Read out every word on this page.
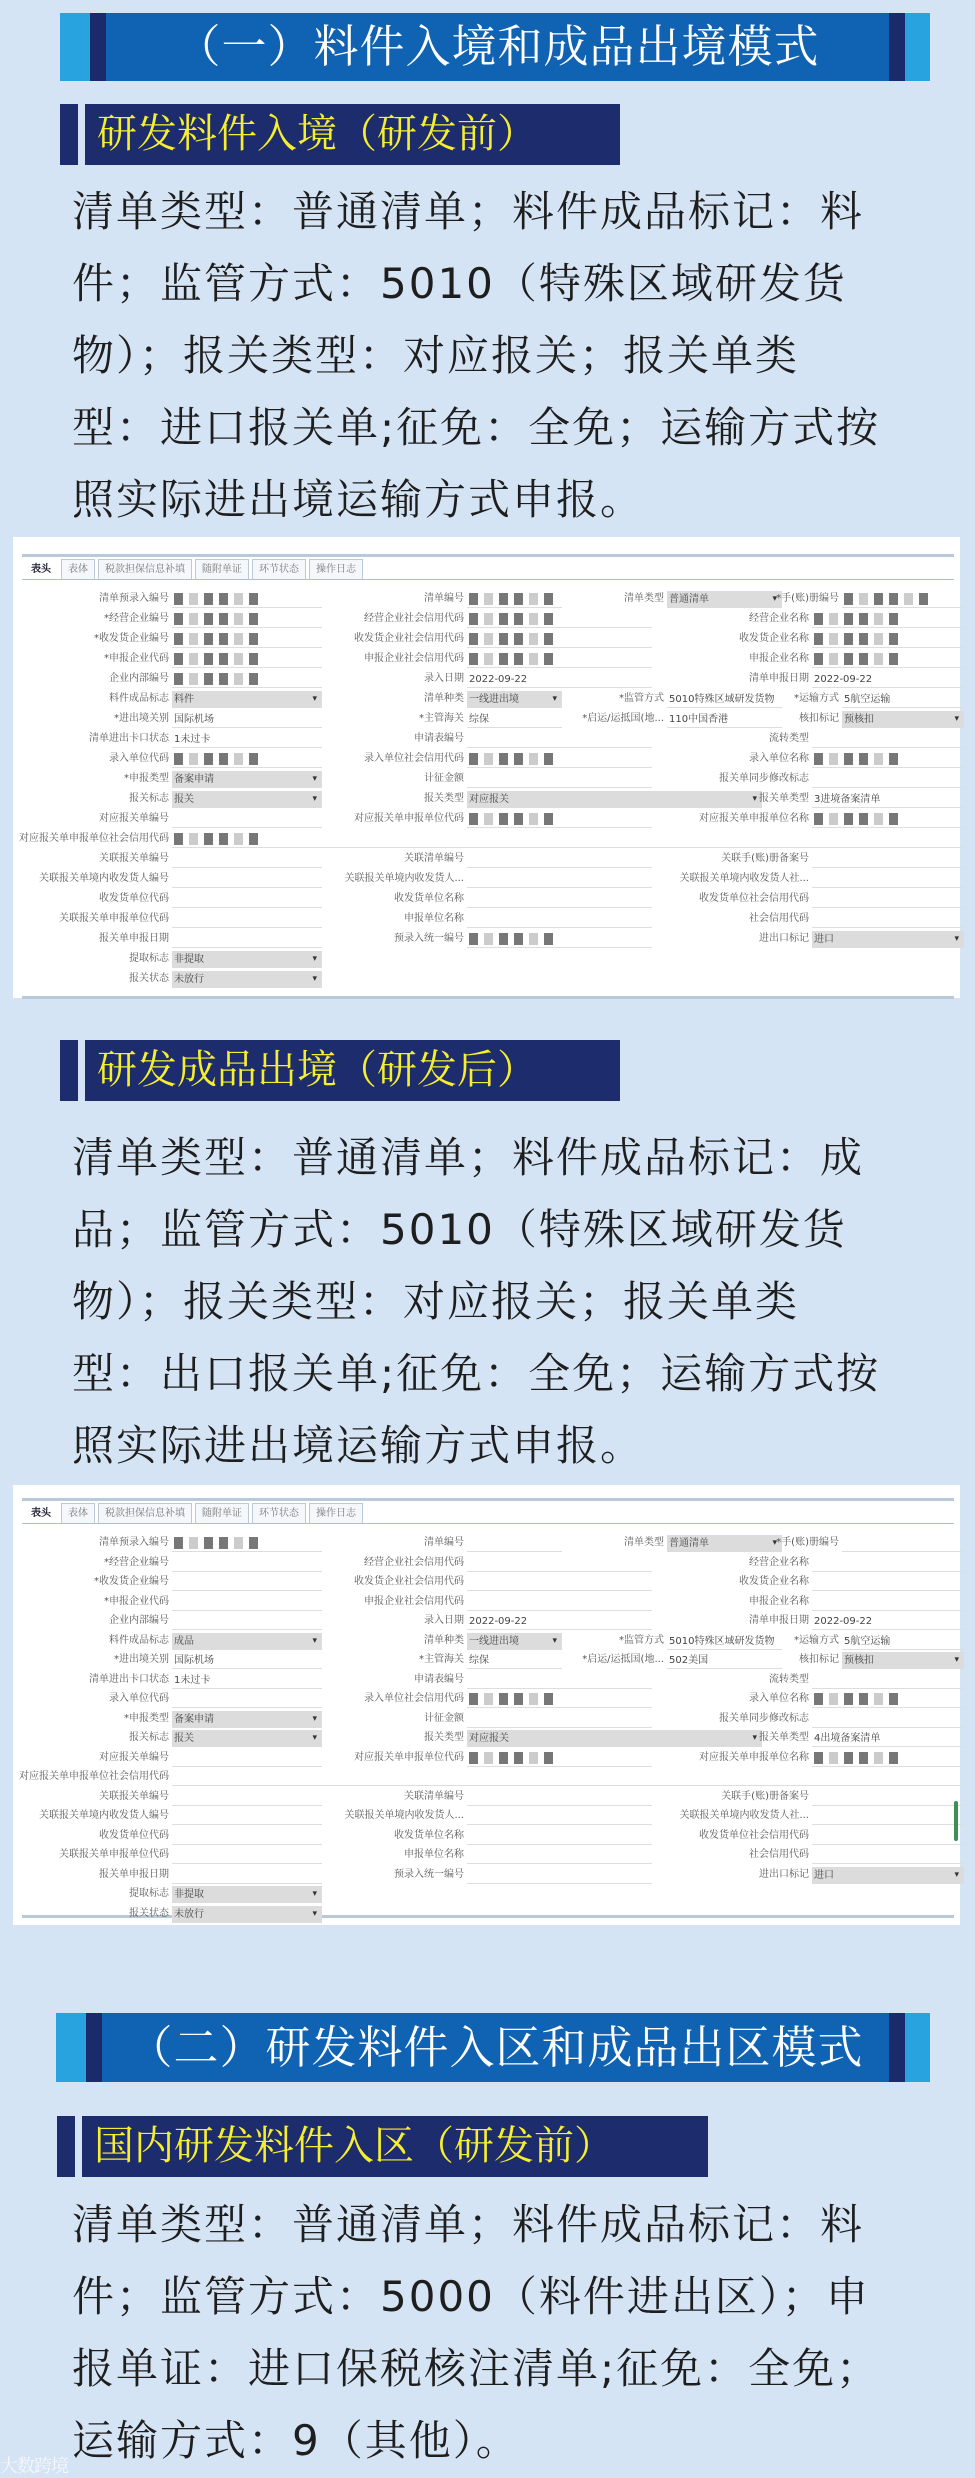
（一）料件入境和成品出境模式
研发料件入境（研发前）
清单类型：普通清单；料件成品标记：料
件；监管方式：5010（特殊区域研发货
物）；报关类型：对应报关；报关单类
型：进口报关单;征免：全免；运输方式按
照实际进出境运输方式申报。
表头	表体	税款担保信息补填	随附单证	环节状态	操作日志
清单预录入编号	清单编号	清单类型 普通清单 ▾	*手(账)册编号
*经营企业编号	经营企业社会信用代码	经营企业名称
*收发货企业编号	收发货企业社会信用代码	收发货企业名称
*申报企业代码	申报企业社会信用代码	申报企业名称
企业内部编号	录入日期 2022-09-22	清单申报日期 2022-09-22
料件成品标志 料件 ▾	清单种类 一线进出境 ▾	*监管方式 5010特殊区域研发货物	*运输方式 5航空运输
*进出境关别 国际机场	*主管海关 综保	*启运/运抵国(地... 110中国香港	核扣标记 预核扣 ▾
清单进出卡口状态 1未过卡	申请表编号	流转类型
录入单位代码	录入单位社会信用代码	录入单位名称
*申报类型 备案申请 ▾	计征金额	报关单同步修改标志
报关标志 报关 ▾	报关类型 对应报关 ▾	报关单类型 3进境备案清单
对应报关单编号	对应报关单申报单位代码	对应报关单申报单位名称
对应报关单申报单位社会信用代码
关联报关单编号	关联清单编号	关联手(账)册备案号
关联报关单境内收发货人编号	关联报关单境内收发货人...	关联报关单境内收发货人社...
收发货单位代码	收发货单位名称	收发货单位社会信用代码
关联报关单申报单位代码	申报单位名称	社会信用代码
报关单申报日期	预录入统一编号	进出口标记 进口 ▾
提取标志 非提取 ▾
报关状态 未放行 ▾
研发成品出境（研发后）
清单类型：普通清单；料件成品标记：成
品；监管方式：5010（特殊区域研发货
物）；报关类型：对应报关；报关单类
型：出口报关单;征免：全免；运输方式按
照实际进出境运输方式申报。
表头	表体	税款担保信息补填	随附单证	环节状态	操作日志
清单预录入编号	清单编号	清单类型 普通清单 ▾	*手(账)册编号
*经营企业编号	经营企业社会信用代码	经营企业名称
*收发货企业编号	收发货企业社会信用代码	收发货企业名称
*申报企业代码	申报企业社会信用代码	申报企业名称
企业内部编号	录入日期 2022-09-22	清单申报日期 2022-09-22
料件成品标志 成品 ▾	清单种类 一线进出境 ▾	*监管方式 5010特殊区域研发货物	*运输方式 5航空运输
*进出境关别 国际机场	*主管海关 综保	*启运/运抵国(地... 502美国	核扣标记 预核扣 ▾
清单进出卡口状态 1未过卡	申请表编号	流转类型
录入单位代码	录入单位社会信用代码	录入单位名称
*申报类型 备案申请 ▾	计征金额	报关单同步修改标志
报关标志 报关 ▾	报关类型 对应报关 ▾	报关单类型 4出境备案清单
对应报关单编号	对应报关单申报单位代码	对应报关单申报单位名称
对应报关单申报单位社会信用代码
关联报关单编号	关联清单编号	关联手(账)册备案号
关联报关单境内收发货人编号	关联报关单境内收发货人...	关联报关单境内收发货人社...
收发货单位代码	收发货单位名称	收发货单位社会信用代码
关联报关单申报单位代码	申报单位名称	社会信用代码
报关单申报日期	预录入统一编号	进出口标记 进口 ▾
提取标志 非提取 ▾
报关状态 未放行 ▾
（二）研发料件入区和成品出区模式
国内研发料件入区（研发前）
清单类型：普通清单；料件成品标记：料
件；监管方式：5000（料件进出区）；申
报单证：进口保税核注清单;征免：全免；
运输方式：9（其他）。
大数跨境
